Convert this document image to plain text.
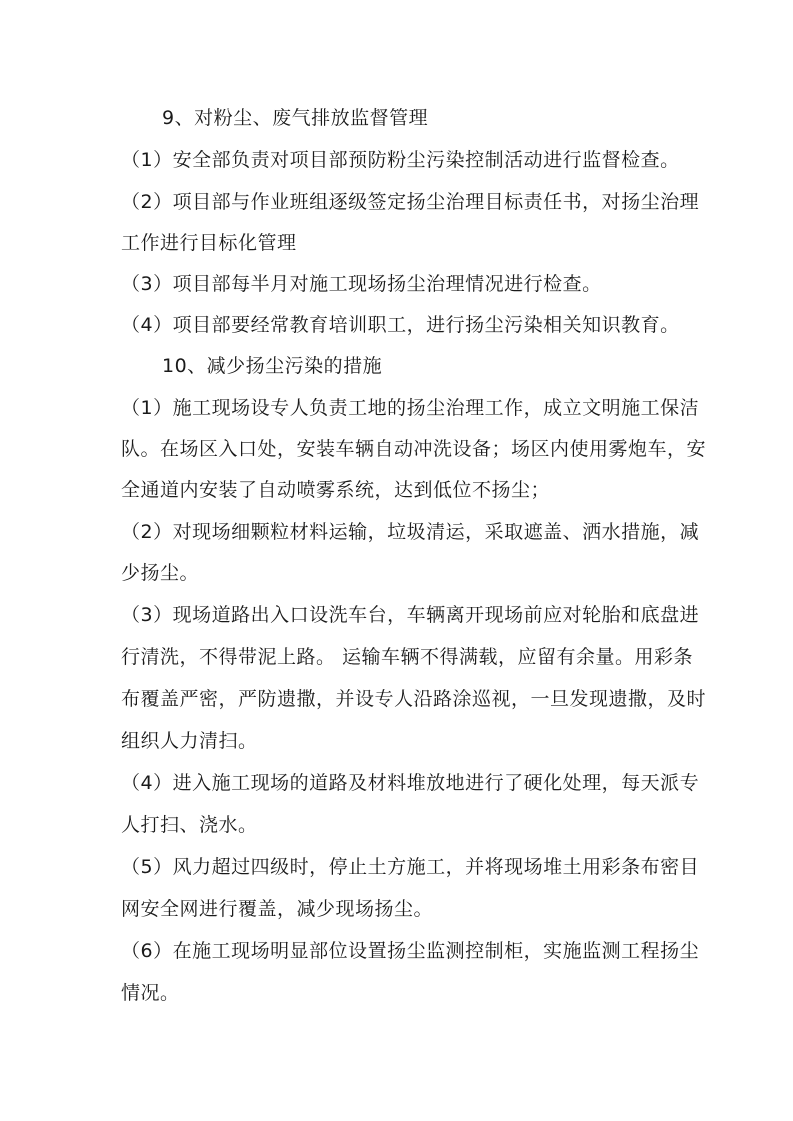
9、对粉尘、废气排放监督管理
（1）安全部负责对项目部预防粉尘污染控制活动进行监督检查。
（2）项目部与作业班组逐级签定扬尘治理目标责任书，对扬尘治理
工作进行目标化管理
（3）项目部每半月对施工现场扬尘治理情况进行检查。
（4）项目部要经常教育培训职工，进行扬尘污染相关知识教育。
10、减少扬尘污染的措施
（1）施工现场设专人负责工地的扬尘治理工作，成立文明施工保洁
队。在场区入口处，安装车辆自动冲洗设备；场区内使用雾炮车，安
全通道内安装了自动喷雾系统，达到低位不扬尘；
（2）对现场细颗粒材料运输，垃圾清运，采取遮盖、洒水措施，减
少扬尘。
（3）现场道路出入口设洗车台，车辆离开现场前应对轮胎和底盘进
行清洗，不得带泥上路。 运输车辆不得满载，应留有余量。用彩条
布覆盖严密，严防遗撒，并设专人沿路涂巡视，一旦发现遗撒，及时
组织人力清扫。
（4）进入施工现场的道路及材料堆放地进行了硬化处理，每天派专
人打扫、浇水。
（5）风力超过四级时，停止土方施工，并将现场堆土用彩条布密目
网安全网进行覆盖，减少现场扬尘。
（6）在施工现场明显部位设置扬尘监测控制柜，实施监测工程扬尘
情况。
